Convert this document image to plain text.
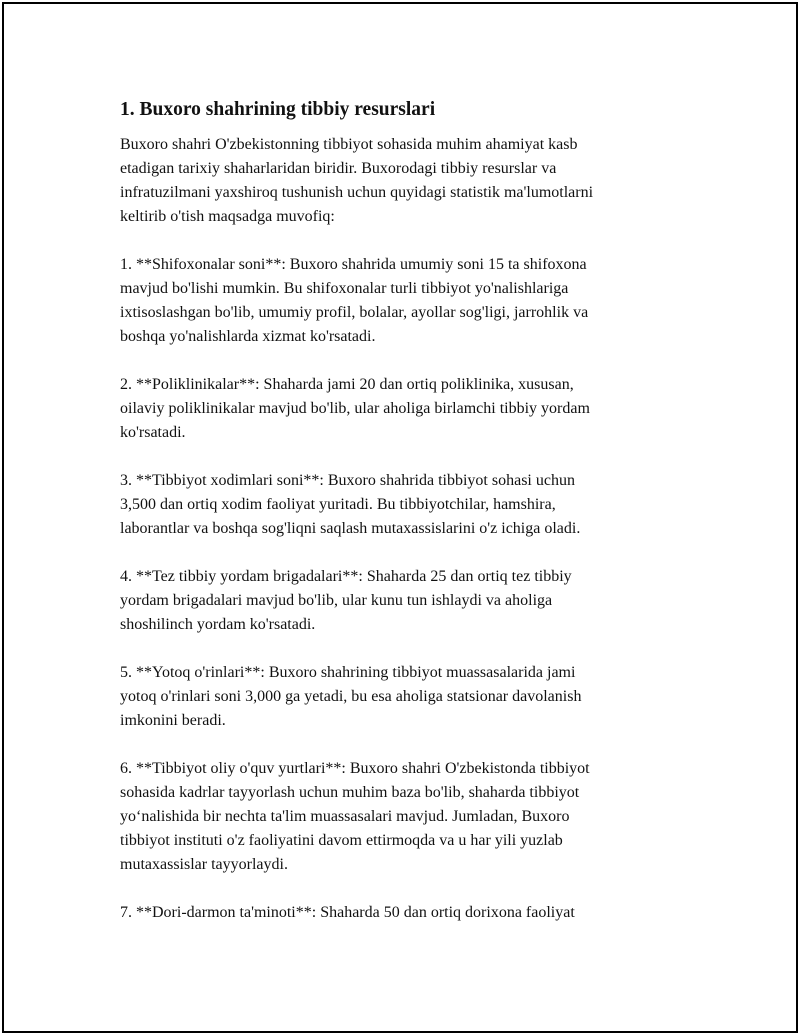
1. Buxoro shahrining tibbiy resurslari

Buxoro shahri O'zbekistonning tibbiyot sohasida muhim ahamiyat kasb
etadigan tarixiy shaharlaridan biridir. Buxorodagi tibbiy resurslar va
infratuzilmani yaxshiroq tushunish uchun quyidagi statistik ma'lumotlarni
keltirib o'tish maqsadga muvofiq:

1. **Shifoxonalar soni**: Buxoro shahrida umumiy soni 15 ta shifoxona
mavjud bo'lishi mumkin. Bu shifoxonalar turli tibbiyot yo'nalishlariga
ixtisoslashgan bo'lib, umumiy profil, bolalar, ayollar sog'ligi, jarrohlik va
boshqa yo'nalishlarda xizmat ko'rsatadi.

2. **Poliklinikalar**: Shaharda jami 20 dan ortiq poliklinika, xususan,
oilaviy poliklinikalar mavjud bo'lib, ular aholiga birlamchi tibbiy yordam
ko'rsatadi.

3. **Tibbiyot xodimlari soni**: Buxoro shahrida tibbiyot sohasi uchun
3,500 dan ortiq xodim faoliyat yuritadi. Bu tibbiyotchilar, hamshira,
laborantlar va boshqa sog'liqni saqlash mutaxassislarini o'z ichiga oladi.

4. **Tez tibbiy yordam brigadalari**: Shaharda 25 dan ortiq tez tibbiy
yordam brigadalari mavjud bo'lib, ular kunu tun ishlaydi va aholiga
shoshilinch yordam ko'rsatadi.

5. **Yotoq o'rinlari**: Buxoro shahrining tibbiyot muassasalarida jami
yotoq o'rinlari soni 3,000 ga yetadi, bu esa aholiga statsionar davolanish
imkonini beradi.

6. **Tibbiyot oliy o'quv yurtlari**: Buxoro shahri O'zbekistonda tibbiyot
sohasida kadrlar tayyorlash uchun muhim baza bo'lib, shaharda tibbiyot
yo‘nalishida bir nechta ta'lim muassasalari mavjud. Jumladan, Buxoro
tibbiyot instituti o'z faoliyatini davom ettirmoqda va u har yili yuzlab
mutaxassislar tayyorlaydi.

7. **Dori-darmon ta'minoti**: Shaharda 50 dan ortiq dorixona faoliyat
